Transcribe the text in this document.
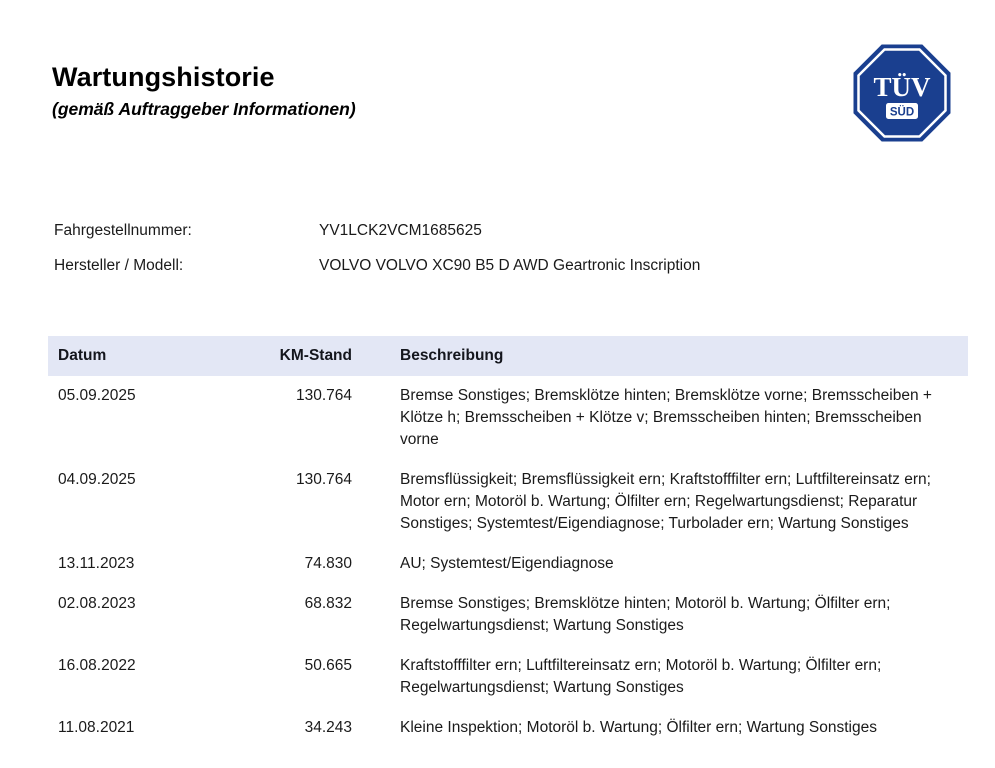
Wartungshistorie

(gemäß Auftraggeber Informationen)

TÜV
SÜD
Fahrgestellnummer:	YV1LCK2VCM1685625
Hersteller / Modell:	VOLVO VOLVO XC90 B5 D AWD Geartronic Inscription
Datum	KM-Stand	Beschreibung
05.09.2025	130.764	Bremse Sonstiges; Bremsklötze hinten; Bremsklötze vorne; Bremsscheiben + Klötze h; Bremsscheiben + Klötze v; Bremsscheiben hinten; Bremsscheiben vorne
04.09.2025	130.764	Bremsflüssigkeit; Bremsflüssigkeit ern; Kraftstofffilter ern; Luftfiltereinsatz ern; Motor ern; Motoröl b. Wartung; Ölfilter ern; Regelwartungsdienst; Reparatur Sonstiges; Systemtest/Eigendiagnose; Turbolader ern; Wartung Sonstiges
13.11.2023	74.830	AU; Systemtest/Eigendiagnose
02.08.2023	68.832	Bremse Sonstiges; Bremsklötze hinten; Motoröl b. Wartung; Ölfilter ern; Regelwartungsdienst; Wartung Sonstiges
16.08.2022	50.665	Kraftstofffilter ern; Luftfiltereinsatz ern; Motoröl b. Wartung; Ölfilter ern; Regelwartungsdienst; Wartung Sonstiges
11.08.2021	34.243	Kleine Inspektion; Motoröl b. Wartung; Ölfilter ern; Wartung Sonstiges
